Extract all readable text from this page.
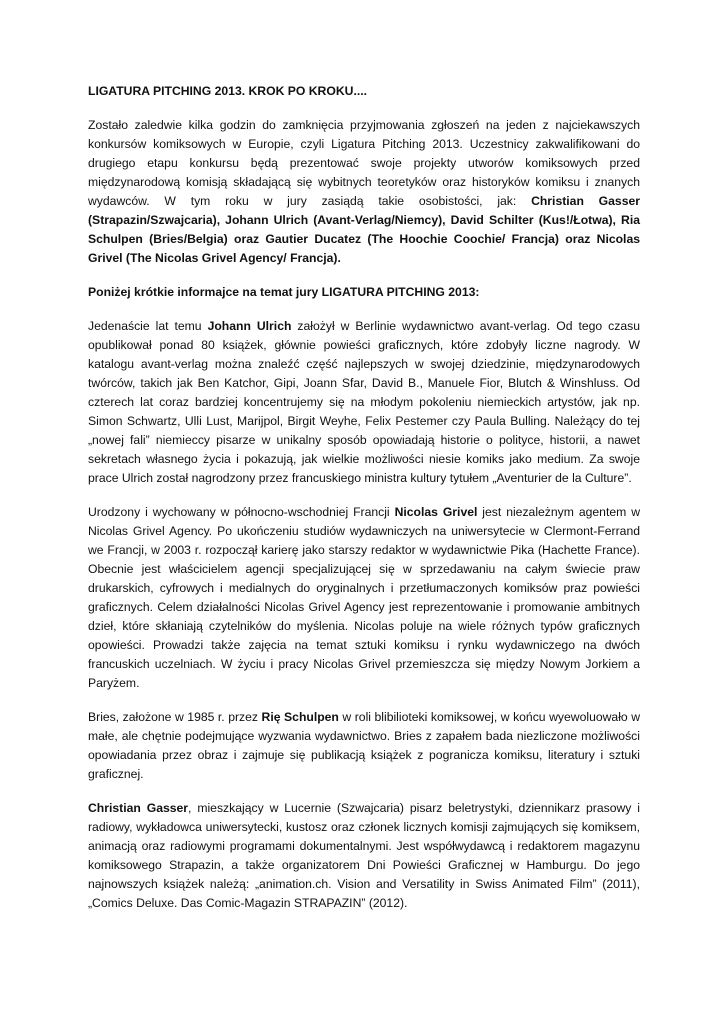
LIGATURA PITCHING 2013. KROK PO KROKU....

Zostało zaledwie kilka godzin do zamknięcia przyjmowania zgłoszeń na jeden z najciekawszych konkursów komiksowych w Europie, czyli Ligatura Pitching 2013. Uczestnicy zakwalifikowani do drugiego etapu konkursu będą prezentować swoje projekty utworów komiksowych przed międzynarodową komisją składającą się wybitnych teoretyków oraz historyków komiksu i znanych wydawców. W tym roku w jury zasiądą takie osobistości, jak: Christian Gasser (Strapazin/Szwajcaria), Johann Ulrich (Avant-Verlag/Niemcy), David Schilter (Kus!/Łotwa), Ria Schulpen (Bries/Belgia) oraz Gautier Ducatez (The Hoochie Coochie/ Francja) oraz Nicolas Grivel (The Nicolas Grivel Agency/ Francja).

Poniżej krótkie informajce na temat jury LIGATURA PITCHING 2013:

Jedenaście lat temu Johann Ulrich założył w Berlinie wydawnictwo avant-verlag. Od tego czasu opublikował ponad 80 książek, głównie powieści graficznych, które zdobyły liczne nagrody. W katalogu avant-verlag można znaleźć część najlepszych w swojej dziedzinie, międzynarodowych twórców, takich jak Ben Katchor, Gipi, Joann Sfar, David B., Manuele Fior, Blutch & Winshluss. Od czterech lat coraz bardziej koncentrujemy się na młodym pokoleniu niemieckich artystów, jak np. Simon Schwartz, Ulli Lust, Marijpol, Birgit Weyhe, Felix Pestemer czy Paula Bulling. Należący do tej „nowej fali” niemieccy pisarze w unikalny sposób opowiadają historie o polityce, historii, a nawet sekretach własnego życia i pokazują, jak wielkie możliwości niesie komiks jako medium. Za swoje prace Ulrich został nagrodzony przez francuskiego ministra kultury tytułem „Aventurier de la Culture”.

Urodzony i wychowany w północno-wschodniej Francji Nicolas Grivel jest niezależnym agentem w Nicolas Grivel Agency. Po ukończeniu studiów wydawniczych na uniwersytecie w Clermont-Ferrand we Francji, w 2003 r. rozpoczął karierę jako starszy redaktor w wydawnictwie Pika (Hachette France). Obecnie jest właścicielem agencji specjalizującej się w sprzedawaniu na całym świecie praw drukarskich, cyfrowych i medialnych do oryginalnych i przetłumaczonych komiksów praz powieści graficznych. Celem działalności Nicolas Grivel Agency jest reprezentowanie i promowanie ambitnych dzieł, które skłaniają czytelników do myślenia. Nicolas poluje na wiele różnych typów graficznych opowieści. Prowadzi także zajęcia na temat sztuki komiksu i rynku wydawniczego na dwóch francuskich uczelniach. W życiu i pracy Nicolas Grivel przemieszcza się między Nowym Jorkiem a Paryżem.

Bries, założone w 1985 r. przez Rię Schulpen w roli blibilioteki komiksowej, w końcu wyewoluowało w małe, ale chętnie podejmujące wyzwania wydawnictwo. Bries z zapałem bada niezliczone możliwości opowiadania przez obraz i zajmuje się publikacją książek z pogranicza komiksu, literatury i sztuki graficznej.

Christian Gasser, mieszkający w Lucernie (Szwajcaria) pisarz beletrystyki, dziennikarz prasowy i radiowy, wykładowca uniwersytecki, kustosz oraz członek licznych komisji zajmujących się komiksem, animacją oraz radiowymi programami dokumentalnymi. Jest współwydawcą i redaktorem magazynu komiksowego Strapazin, a także organizatorem Dni Powieści Graficznej w Hamburgu. Do jego najnowszych książek należą: „animation.ch. Vision and Versatility in Swiss Animated Film” (2011), „Comics Deluxe. Das Comic-Magazin STRAPAZIN” (2012).
